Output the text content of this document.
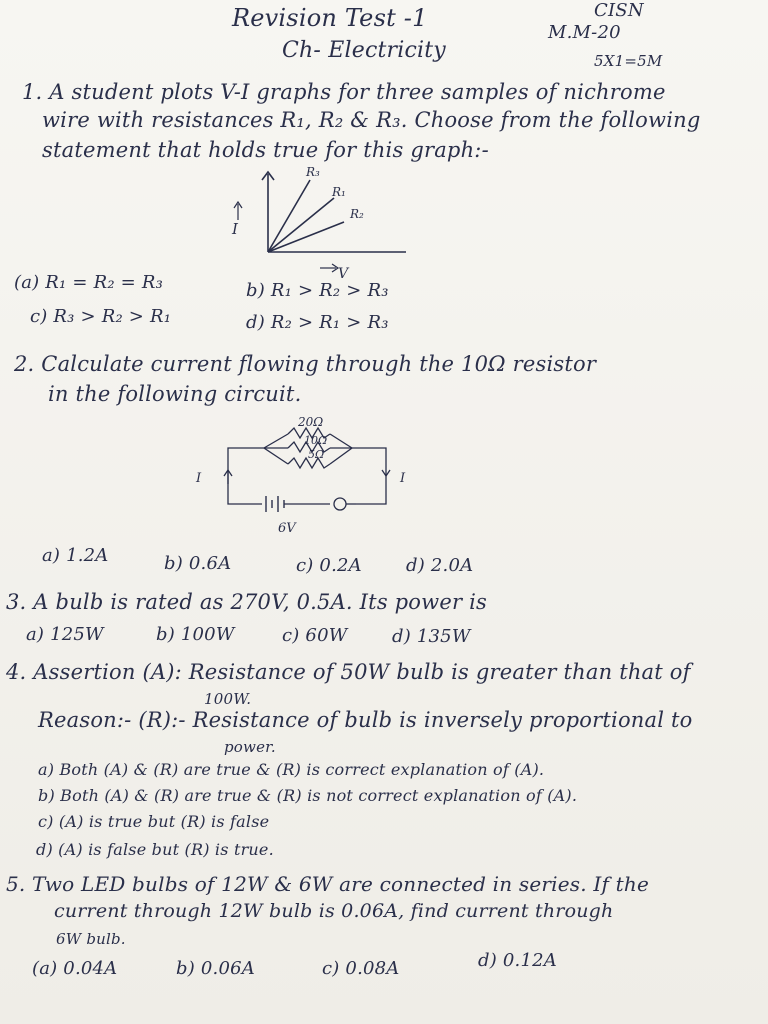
Revision Test -1	CISN
M.M-20
Ch- Electricity	5X1=5M
1. A student plots V-I graphs for three samples of nichrome
wire with resistances R₁, R₂ & R₃. Choose from the following
statement that holds true for this graph:-
R₃
R₁
R₂
I
V
(a) R₁ = R₂ = R₃	b) R₁ > R₂ > R₃
c) R₃ > R₂ > R₁	d) R₂ > R₁ > R₃
2. Calculate current flowing through the 10Ω resistor
in the following circuit.
20Ω
10Ω
5Ω
6V
I	I
a) 1.2A	b) 0.6A	c) 0.2A d) 2.0A
3. A bulb is rated as 270V, 0.5A. Its power is
a) 125W	b) 100W	c) 60W d) 135W
4. Assertion (A): Resistance of 50W bulb is greater than that of
100W.
Reason:- (R):- Resistance of bulb is inversely proportional to
power.
a) Both (A) & (R) are true & (R) is correct explanation of (A).
b) Both (A) & (R) are true & (R) is not correct explanation of (A).
c) (A) is true but (R) is false
d) (A) is false but (R) is true.
5. Two LED bulbs of 12W & 6W are connected in series. If the
current through 12W bulb is 0.06A, find current through
6W bulb.
(a) 0.04A	b) 0.06A	c) 0.08A	d) 0.12A
